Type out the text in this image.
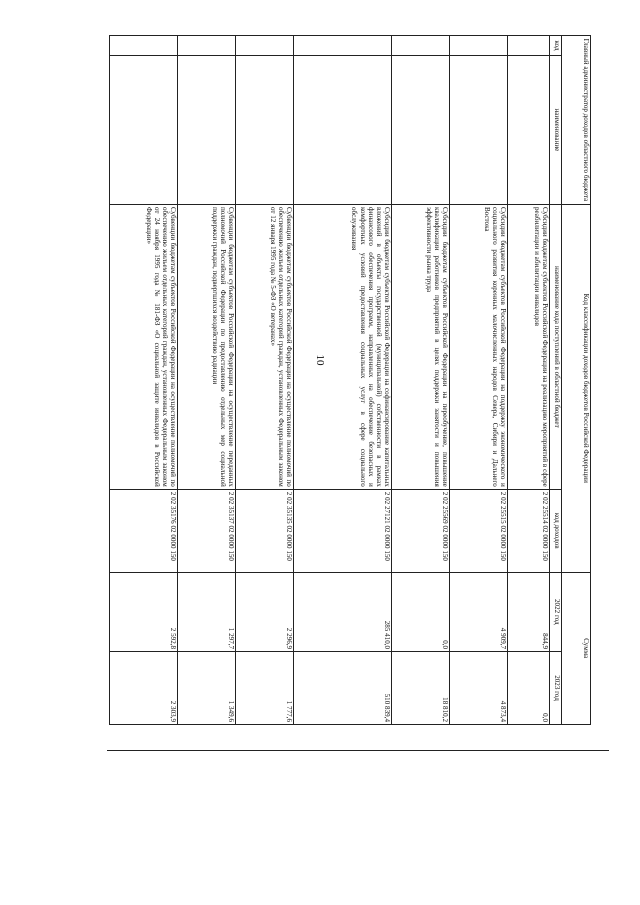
10
Главный администратор доходов областного бюджета		Код классификации доходов бюджетов Российской Федерации		Сумма	
код	наименование	наименование кода поступлений в областной бюджет	код доходов	2022 год	2023 год
		Субсидии бюджетам субъектов Российской Федерации на реализацию мероприятий в сфере реабилитации и абилитации инвалидов	2 02 25514 02 0000 150	844,9	0,0
		Субсидии бюджетам субъектов Российской Федерации на поддержку экономического и социального развития коренных малочисленных народов Севера, Сибири и Дальнего Востока	2 02 25515 02 0000 150	4 909,7	4 873,4
		Субсидии бюджетам субъектов Российской Федерации на переобучение, повышение квалификации работников предприятий в целях поддержки занятости и повышения эффективности рынка труда	2 02 25569 02 0000 150	0,0	18 810,2
		Субсидии бюджетам субъектов Российской Федерации на софинансирование капитальных вложений в объекты государственной (муниципальной) собственности в рамках финансового обеспечения программ, направленных на обеспечение безопасных и комфортных условий предоставления социальных услуг в сфере социального обслуживания	2 02 27121 02 0000 150	285 410,0	510 839,4
		Субвенции бюджетам субъектов Российской Федерации на осуществление полномочий по обеспечению жильем отдельных категорий граждан, установленных Федеральным законом от 12 января 1995 года № 5-ФЗ «О ветеранах»	2 02 35135 02 0000 150	2 296,9	1 777,6
		Субвенции бюджетам субъектов Российской Федерации на осуществление переданных полномочий Российской Федерации по предоставлению отдельных мер социальной поддержки граждан, подвергшихся воздействию радиации	2 02 35137 02 0000 150	1 297,7	1 349,6
		Субвенции бюджетам субъектов Российской Федерации на осуществление полномочий по обеспечению жильем отдельных категорий граждан, установленных Федеральным законом от 24 ноября 1995 года № 181-ФЗ «О социальной защите инвалидов в Российской Федерации»	2 02 35176 02 0000 150	2 592,8	2 303,9
